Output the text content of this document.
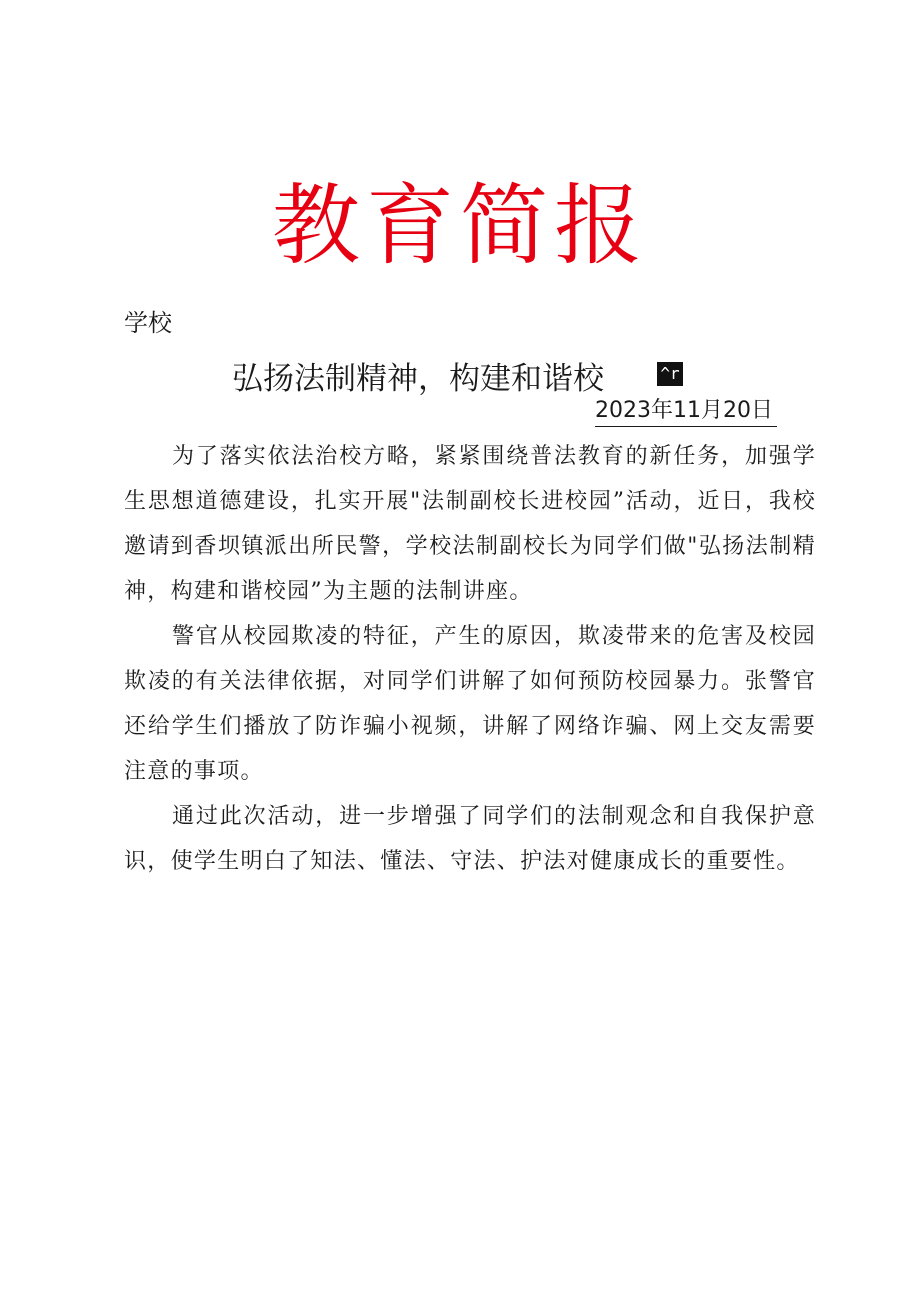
教育简报
学校
弘扬法制精神，构建和谐校	^r
2023年11月20日

为了落实依法治校方略，紧紧围绕普法教育的新任务，加强学生思想道德建设，扎实开展"法制副校长进校园”活动，近日，我校邀请到香坝镇派出所民警，学校法制副校长为同学们做"弘扬法制精神，构建和谐校园”为主题的法制讲座。

警官从校园欺凌的特征，产生的原因，欺凌带来的危害及校园欺凌的有关法律依据，对同学们讲解了如何预防校园暴力。张警官还给学生们播放了防诈骗小视频，讲解了网络诈骗、网上交友需要注意的事项。

通过此次活动，进一步增强了同学们的法制观念和自我保护意识，使学生明白了知法、懂法、守法、护法对健康成长的重要性。
